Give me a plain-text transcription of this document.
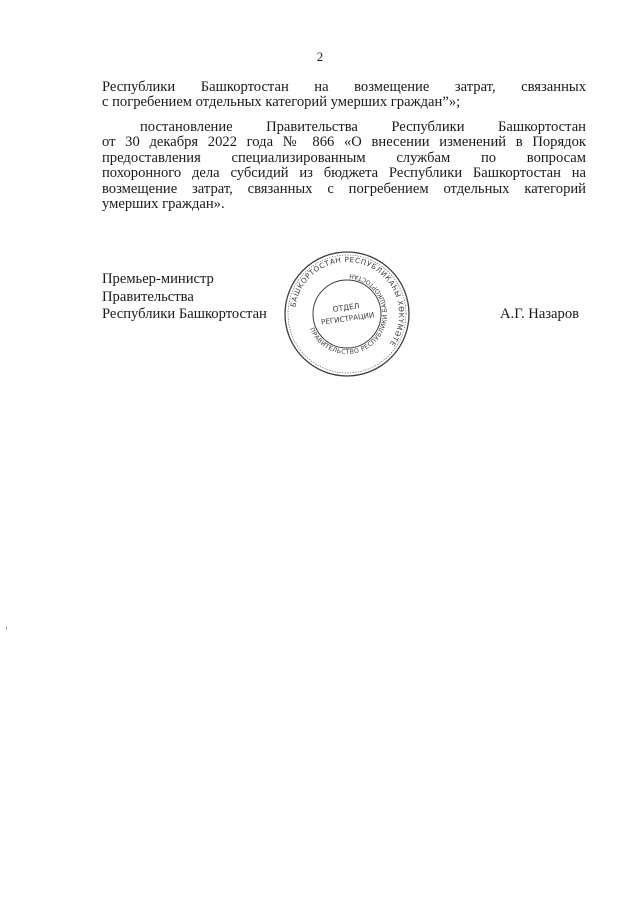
2
Республики Башкортостан на возмещение затрат, связанных
с погребением отдельных категорий умерших граждан”»;
постановление Правительства Республики Башкортостан
от 30 декабря 2022 года № 866 «О внесении изменений в Порядок
предоставления специализированным службам по вопросам
похоронного дела субсидий из бюджета Республики Башкортостан на
возмещение затрат, связанных с погребением отдельных категорий
умерших граждан».
Премьер-министр
Правительства
Республики Башкортостан
БАШКОРТОСТАН РЕСПУБЛИКАҺЫ ХӨКҮМӘТЕ
ПРАВИТЕЛЬСТВО РЕСПУБЛИКИ БАШКОРТОСТАН
ОТДЕЛ
РЕГИСТРАЦИИ	А.Г. Назаров
